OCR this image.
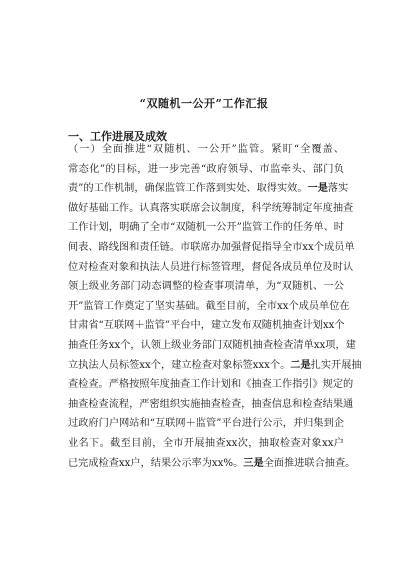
“双随机一公开”工作汇报
一、工作进展及成效
（一）全面推进“双随机、一公开”监管。紧盯“全覆盖、
常态化”的目标，进一步完善“政府领导、市监牵头、部门负
责”的工作机制，确保监管工作落到实处、取得实效。一是落实
做好基础工作。认真落实联席会议制度，科学统筹制定年度抽查
工作计划，明确了全市“双随机一公开”监管工作的任务单、时
间表、路线图和责任链。市联席办加强督促指导全市xx个成员单
位对检查对象和执法人员进行标签管理，督促各成员单位及时认
领上级业务部门动态调整的检查事项清单，为“双随机、一公
开”监管工作奠定了坚实基础。截至目前，全市xx个成员单位在
甘肃省“互联网＋监管”平台中，建立发布双随机抽查计划xx个
抽查任务xx个，认领上级业务部门双随机抽查检查清单xx项，建
立执法人员标签xx个，建立检查对象标签xxx个。二是扎实开展抽
查检查。严格按照年度抽查工作计划和《抽查工作指引》规定的
抽查检查流程，严密组织实施抽查检查，抽查信息和检查结果通
过政府门户网站和“互联网＋监管”平台进行公示，并归集到企
业名下。截至目前，全市开展抽查xx次，抽取检查对象xx户
已完成检查xx户，结果公示率为xx%。三是全面推进联合抽查。
